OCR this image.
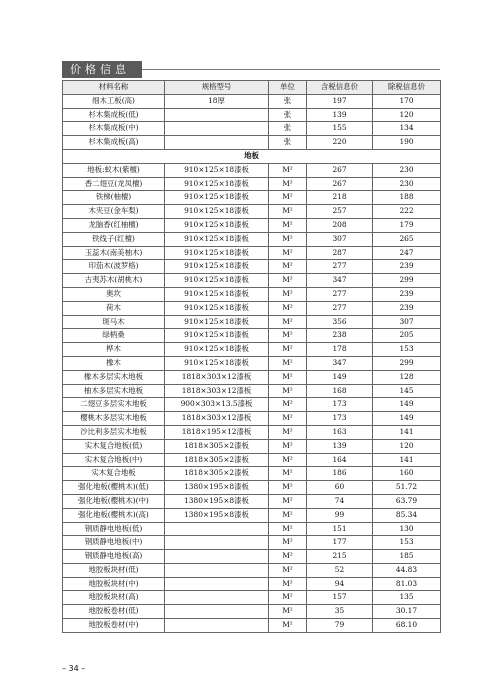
价格信息
材料名称	规格型号	单位	含税信息价	除税信息价
细木工板(高)	18厚	张	197	170
杉木集成板(低)		张	139	120
杉木集成板(中)		张	155	134
杉木集成板(高)		张	220	190
地板				
地板:蚁木(紫檀)	910×125×18漆板	M²	267	230
香二翅豆(龙凤檀)	910×125×18漆板	M²	267	230
铁梯(柚檀)	910×125×18漆板	M²	218	188
木夹豆(金车梨)	910×125×18漆板	M²	257	222
龙脑香(红柚檀)	910×125×18漆板	M²	208	179
铁线子(红檀)	910×125×18漆板	M²	307	265
玉蕊木(南美柚木)	910×125×18漆板	M²	287	247
印茄木(波罗格)	910×125×18漆板	M²	277	239
古夷苏木(胡桃木)	910×125×18漆板	M²	347	299
奥坎	910×125×18漆板	M²	277	239
荷木	910×125×18漆板	M²	277	239
斑马木	910×125×18漆板	M²	356	307
绿柄桑	910×125×18漆板	M²	238	205
桦木	910×125×18漆板	M²	178	153
橡木	910×125×18漆板	M²	347	299
橡木多层实木地板	1818×303×12漆板	M²	149	128
柚木多层实木地板	1818×303×12漆板	M²	168	145
二翅豆多层实木地板	900×303×13.5漆板	M²	173	149
樱桃木多层实木地板	1818×303×12漆板	M²	173	149
沙比利多层实木地板	1818×195×12漆板	M²	163	141
实木复合地板(低)	1818×305×2漆板	M²	139	120
实木复合地板(中)	1818×305×2漆板	M²	164	141
实木复合地板	1818×305×2漆板	M²	186	160
强化地板(樱桃木)(低)	1380×195×8漆板	M²	60	51.72
强化地板(樱桃木)(中)	1380×195×8漆板	M²	74	63.79
强化地板(樱桃木)(高)	1380×195×8漆板	M²	99	85.34
钢质静电地板(低)		M²	151	130
钢质静电地板(中)		M²	177	153
钢质静电地板(高)		M²	215	185
地胶板块材(低)		M²	52	44.83
地胶板块材(中)		M²	94	81.03
地胶板块材(高)		M²	157	135
地胶板卷材(低)		M²	35	30.17
地胶板卷材(中)		M²	79	68.10
– 34 –
